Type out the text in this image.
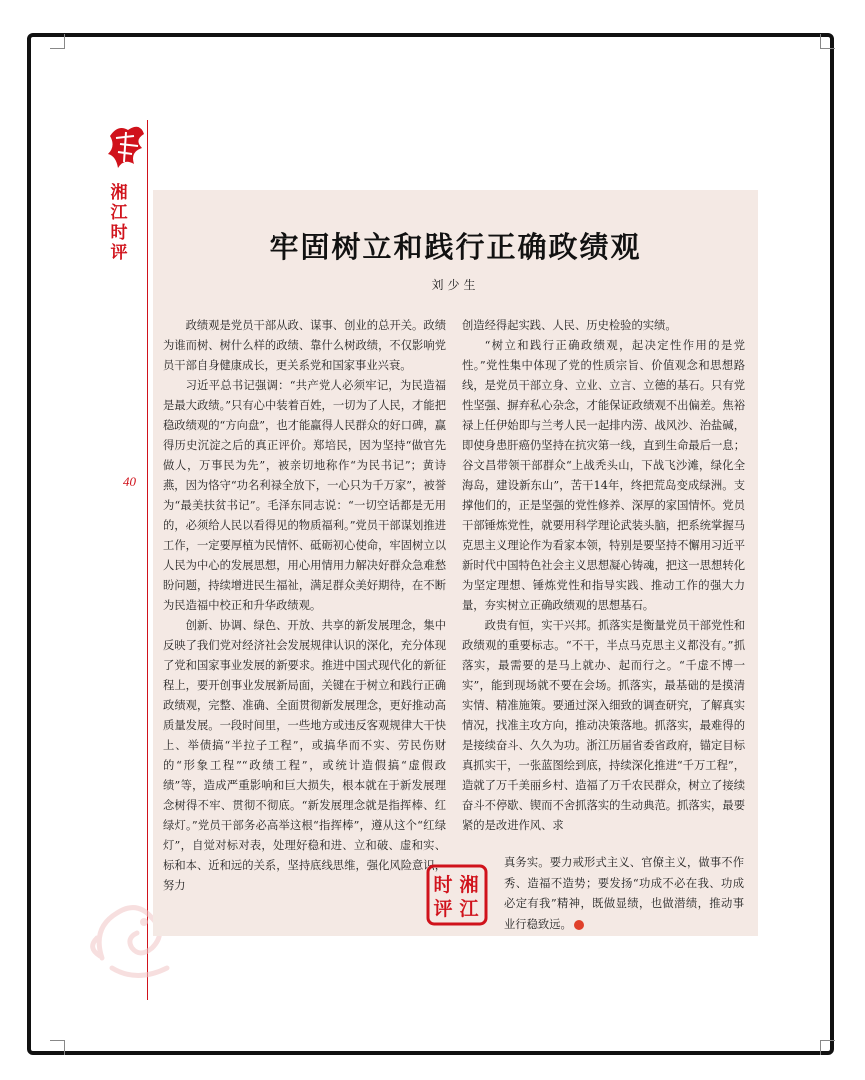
湘江时评
40
牢固树立和践行正确政绩观
刘少生

政绩观是党员干部从政、谋事、创业的总开关。政绩为谁而树、树什么样的政绩、靠什么树政绩，不仅影响党员干部自身健康成长，更关系党和国家事业兴衰。

习近平总书记强调：“共产党人必须牢记，为民造福是最大政绩。”只有心中装着百姓，一切为了人民，才能把稳政绩观的“方向盘”，也才能赢得人民群众的好口碑，赢得历史沉淀之后的真正评价。郑培民，因为坚持“做官先做人，万事民为先”，被亲切地称作“为民书记”；黄诗燕，因为恪守“功名利禄全放下，一心只为千万家”，被誉为“最美扶贫书记”。毛泽东同志说：“一切空话都是无用的，必须给人民以看得见的物质福利。”党员干部谋划推进工作，一定要厚植为民情怀、砥砺初心使命，牢固树立以人民为中心的发展思想，用心用情用力解决好群众急难愁盼问题，持续增进民生福祉，满足群众美好期待，在不断为民造福中校正和升华政绩观。

创新、协调、绿色、开放、共享的新发展理念，集中反映了我们党对经济社会发展规律认识的深化，充分体现了党和国家事业发展的新要求。推进中国式现代化的新征程上，要开创事业发展新局面，关键在于树立和践行正确政绩观，完整、准确、全面贯彻新发展理念，更好推动高质量发展。一段时间里，一些地方或违反客观规律大干快上、举债搞“半拉子工程”，或搞华而不实、劳民伤财的“形象工程”“政绩工程”，或统计造假搞“虚假政绩”等，造成严重影响和巨大损失，根本就在于新发展理念树得不牢、贯彻不彻底。“新发展理念就是指挥棒、红绿灯。”党员干部务必高举这根“指挥棒”，遵从这个“红绿灯”，自觉对标对表，处理好稳和进、立和破、虚和实、标和本、近和远的关系，坚持底线思维，强化风险意识，努力

创造经得起实践、人民、历史检验的实绩。

“树立和践行正确政绩观，起决定性作用的是党性。”党性集中体现了党的性质宗旨、价值观念和思想路线，是党员干部立身、立业、立言、立德的基石。只有党性坚强、摒弃私心杂念，才能保证政绩观不出偏差。焦裕禄上任伊始即与兰考人民一起排内涝、战风沙、治盐碱，即使身患肝癌仍坚持在抗灾第一线，直到生命最后一息；谷文昌带领干部群众“上战秃头山，下战飞沙滩，绿化全海岛，建设新东山”，苦干14年，终把荒岛变成绿洲。支撑他们的，正是坚强的党性修养、深厚的家国情怀。党员干部锤炼党性，就要用科学理论武装头脑，把系统掌握马克思主义理论作为看家本领，特别是要坚持不懈用习近平新时代中国特色社会主义思想凝心铸魂，把这一思想转化为坚定理想、锤炼党性和指导实践、推动工作的强大力量，夯实树立正确政绩观的思想基石。

政贵有恒，实干兴邦。抓落实是衡量党员干部党性和政绩观的重要标志。“不干，半点马克思主义都没有。”抓落实，最需要的是马上就办、起而行之。“千虚不博一实”，能到现场就不要在会场。抓落实，最基础的是摸清实情、精准施策。要通过深入细致的调查研究，了解真实情况，找准主攻方向，推动决策落地。抓落实，最难得的是接续奋斗、久久为功。浙江历届省委省政府，锚定目标真抓实干，一张蓝图绘到底，持续深化推进“千万工程”，造就了万千美丽乡村、造福了万千农民群众，树立了接续奋斗不停歇、锲而不舍抓落实的生动典范。抓落实，最要紧的是改进作风、求

时 湘
评 江
真务实。要力戒形式主义、官僚主义，做事不作秀、造福不造势；要发扬“功成不必在我、功成必定有我”精神，既做显绩，也做潜绩，推动事业行稳致远。
